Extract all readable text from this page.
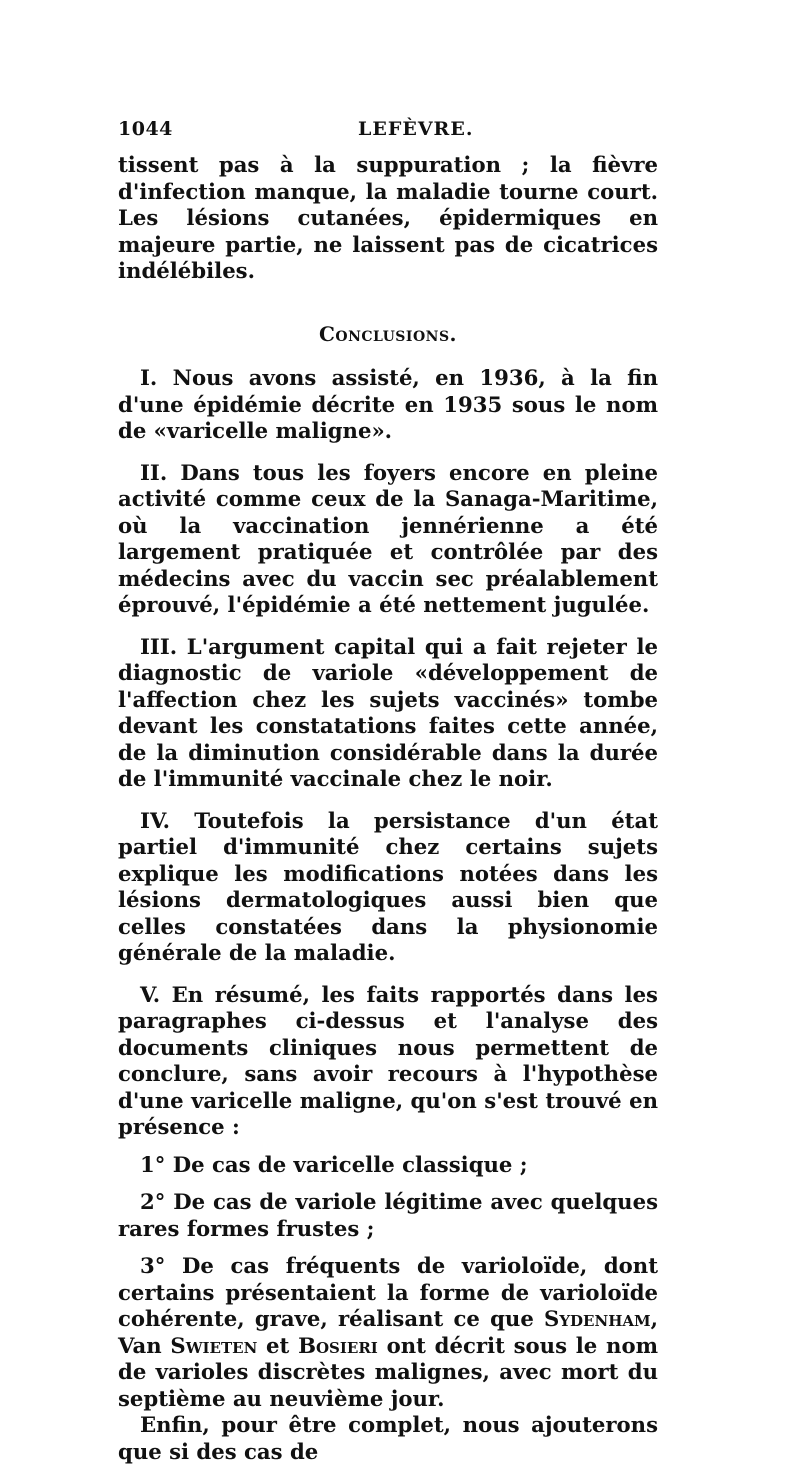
1044	LEFÈVRE.

tissent pas à la suppuration ; la fièvre d'infection manque, la maladie tourne court. Les lésions cutanées, épidermiques en majeure partie, ne laissent pas de cicatrices indélébiles.

Conclusions.

I. Nous avons assisté, en 1936, à la fin d'une épidémie décrite en 1935 sous le nom de «varicelle maligne».

II. Dans tous les foyers encore en pleine activité comme ceux de la Sanaga-Maritime, où la vaccination jennérienne a été largement pratiquée et contrôlée par des médecins avec du vaccin sec préalablement éprouvé, l'épidémie a été nettement jugulée.

III. L'argument capital qui a fait rejeter le diagnostic de variole «développement de l'affection chez les sujets vaccinés» tombe devant les constatations faites cette année, de la diminution considérable dans la durée de l'immunité vaccinale chez le noir.

IV. Toutefois la persistance d'un état partiel d'immunité chez certains sujets explique les modifications notées dans les lésions dermatologiques aussi bien que celles constatées dans la physionomie générale de la maladie.

V. En résumé, les faits rapportés dans les paragraphes ci-dessus et l'analyse des documents cliniques nous permettent de conclure, sans avoir recours à l'hypothèse d'une varicelle maligne, qu'on s'est trouvé en présence :

1° De cas de varicelle classique ;

2° De cas de variole légitime avec quelques rares formes frustes ;

3° De cas fréquents de varioloïde, dont certains présentaient la forme de varioloïde cohérente, grave, réalisant ce que Sydenham, Van Swieten et Bosieri ont décrit sous le nom de varioles discrètes malignes, avec mort du septième au neuvième jour.

Enfin, pour être complet, nous ajouterons que si des cas de
